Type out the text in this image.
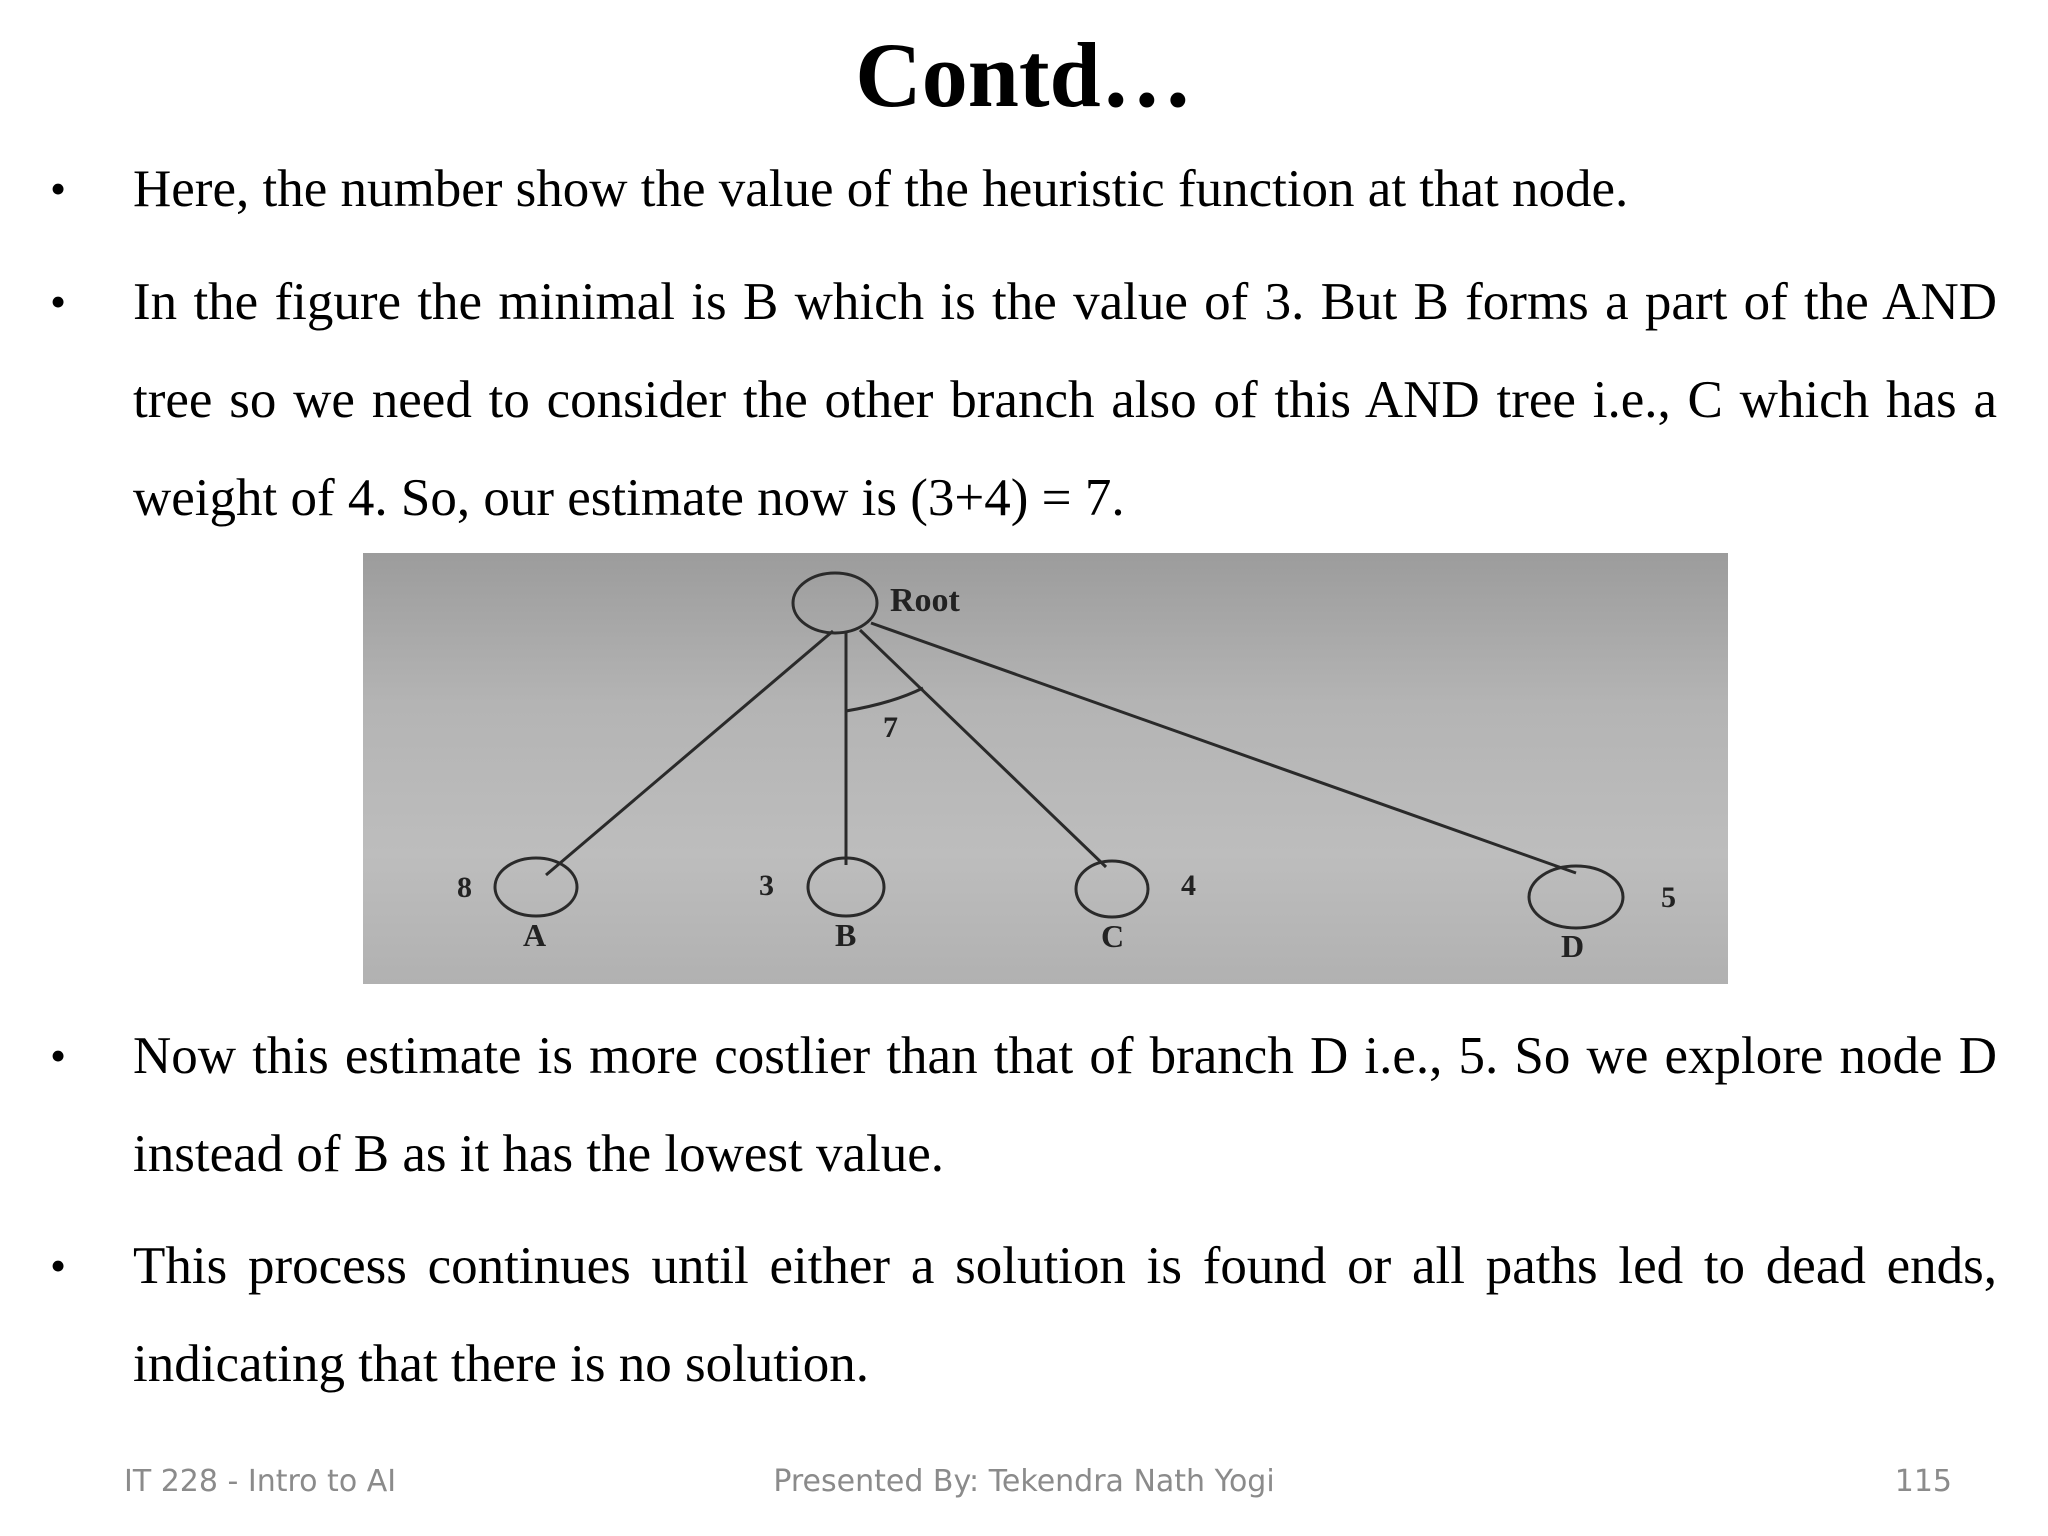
Contd…
• Here, the number show the value of the heuristic function at that node.
• In the figure the minimal is B which is the value of 3. But B forms a part of the AND tree so we need to consider the other branch also of this AND tree i.e., C which has a weight of 4. So, our estimate now is (3+4) = 7.
Root
7
8
A
3
B
4
C
5
D
• Now this estimate is more costlier than that of branch D i.e., 5. So we explore node D instead of B as it has the lowest value.
• This process continues until either a solution is found or all paths led to dead ends, indicating that there is no solution.
IT 228 - Intro to AI	Presented By: Tekendra Nath Yogi	115
